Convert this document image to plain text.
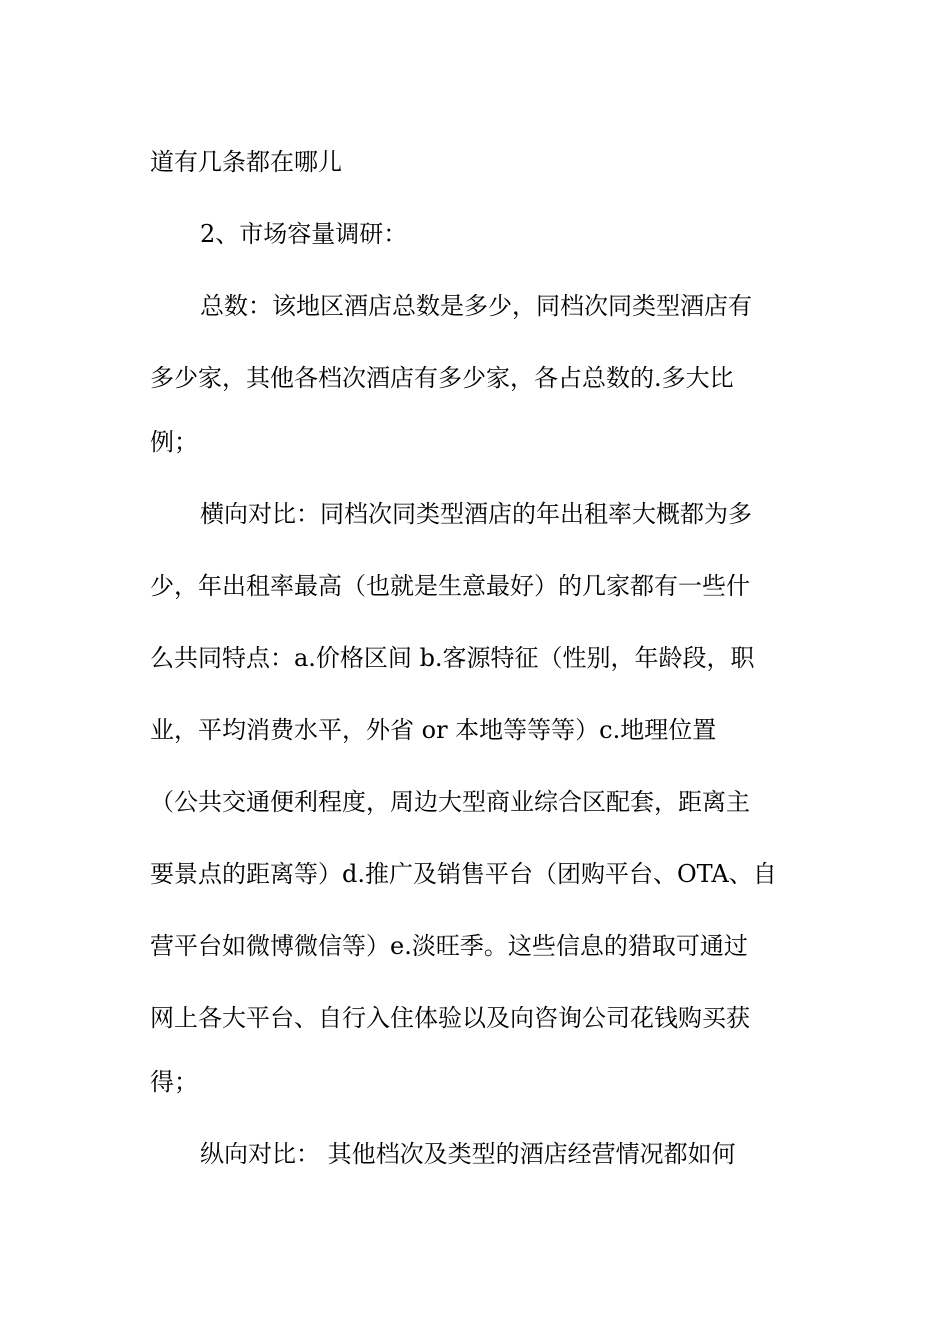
道有几条都在哪儿
2、市场容量调研：
总数：该地区酒店总数是多少，同档次同类型酒店有
多少家，其他各档次酒店有多少家，各占总数的.多大比
例；
横向对比：同档次同类型酒店的年出租率大概都为多
少，年出租率最高（也就是生意最好）的几家都有一些什
么共同特点：a.价格区间 b.客源特征（性别，年龄段，职
业，平均消费水平，外省 or 本地等等等）c.地理位置
（公共交通便利程度，周边大型商业综合区配套，距离主
要景点的距离等）d.推广及销售平台（团购平台、OTA、自
营平台如微博微信等）e.淡旺季。这些信息的猎取可通过
网上各大平台、自行入住体验以及向咨询公司花钱购买获
得；
纵向对比： 其他档次及类型的酒店经营情况都如何
